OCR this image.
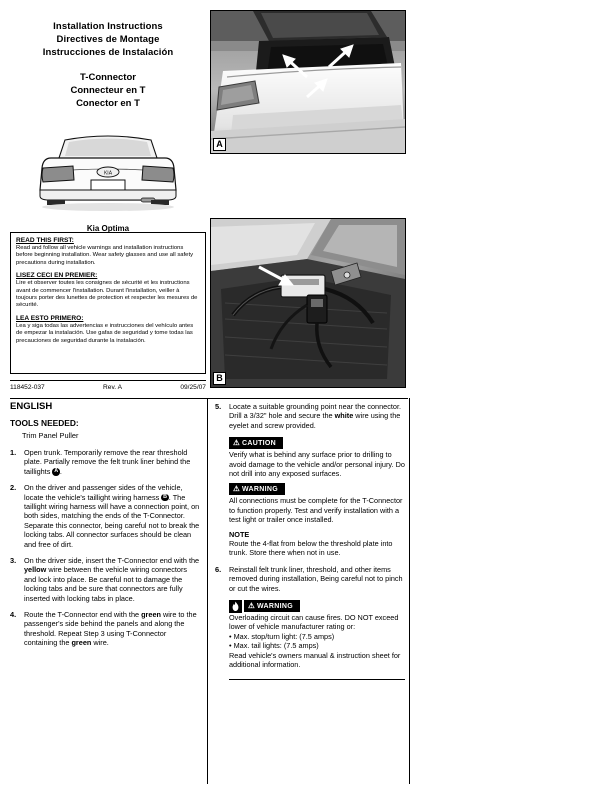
Installation Instructions
Directives de Montage
Instrucciones de Instalación
T-Connector
Connecteur en T
Conector en T
KIA
Kia Optima
READ THIS FIRST:
Read and follow all vehicle warnings and installation instructions before beginning installation. Wear safety glasses and use all safety precautions during installation.
LISEZ CECI EN PREMIER:
Lire et observer toutes les consignes de sécurité et les instructions avant de commencer l'installation. Durant l'installation, veiller à toujours porter des lunettes de protection et respecter les mesures de sécurité.
LEA ESTO PRIMERO:
Lea y siga todas las advertencias e instrucciones del vehículo antes de empezar la instalación. Use gafas de seguridad y tome todas las precauciones de seguridad durante la instalación.
118452-037	Rev. A	09/25/07
A
B
ENGLISH
TOOLS NEEDED:
Trim Panel Puller
1.	Open trunk. Temporarily remove the rear threshold plate. Partially remove the felt trunk liner behind the taillights A .
2.	On the driver and passenger sides of the vehicle, locate the vehicle's taillight wiring harness B . The taillight wiring harness will have a connection point, on both sides, matching the ends of the T-Connector. Separate this connector, being careful not to break the locking tabs. All connector surfaces should be clean and free of dirt.
3.	On the driver side, insert the T-Connector end with the yellow wire between the vehicle wiring connectors and lock into place. Be careful not to damage the locking tabs and be sure that connectors are fully inserted with locking tabs in place.
4.	Route the T-Connector end with the green wire to the passenger's side behind the panels and along the threshold. Repeat Step 3 using T-Connector containing the green wire.
5.	Locate a suitable grounding point near the connector. Drill a 3/32" hole and secure the white wire using the eyelet and screw provided.
⚠ CAUTION
Verify what is behind any surface prior to drilling to avoid damage to the vehicle and/or personal injury. Do not drill into any exposed surfaces.
⚠ WARNING
All connections must be complete for the T-Connector to function properly. Test and verify installation with a test light or trailer once installed.
NOTE
Route the 4-flat from below the threshold plate into trunk. Store there when not in use.
6.	Reinstall felt trunk liner, threshold, and other items removed during installation, Being careful not to pinch or cut the wires.
⚠ WARNING
Overloading circuit can cause fires. DO NOT exceed lower of vehicle manufacturer rating or:
• Max. stop/turn light: (7.5 amps)
• Max. tail lights: (7.5 amps)
Read vehicle's owners manual & instruction sheet for additional information.
